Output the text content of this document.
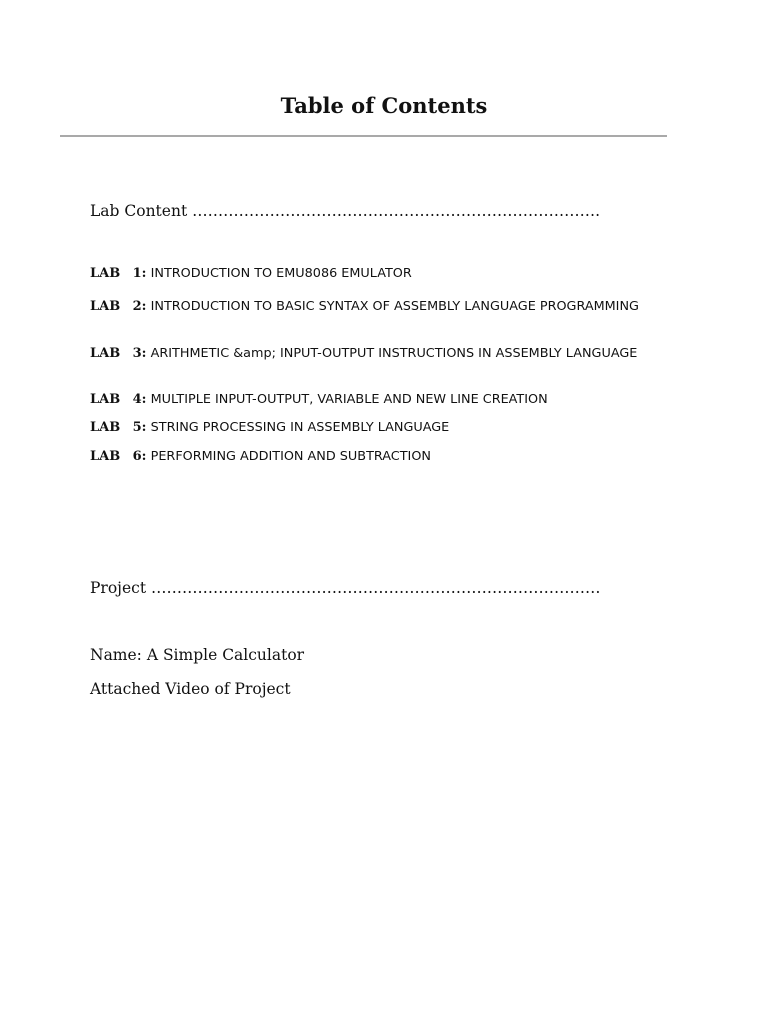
Table of Contents
Lab Content …………………………………………………………………….
LAB 1: INTRODUCTION TO EMU8086 EMULATOR
LAB 2: INTRODUCTION TO BASIC SYNTAX OF ASSEMBLY LANGUAGE PROGRAMMING
LAB 3: ARITHMETIC &amp; INPUT-OUTPUT INSTRUCTIONS IN ASSEMBLY LANGUAGE
LAB 4: MULTIPLE INPUT-OUTPUT, VARIABLE AND NEW LINE CREATION
LAB 5: STRING PROCESSING IN ASSEMBLY LANGUAGE
LAB 6: PERFORMING ADDITION AND SUBTRACTION
Project ……………………………………………………………………………
Name: A Simple Calculator
Attached Video of Project
